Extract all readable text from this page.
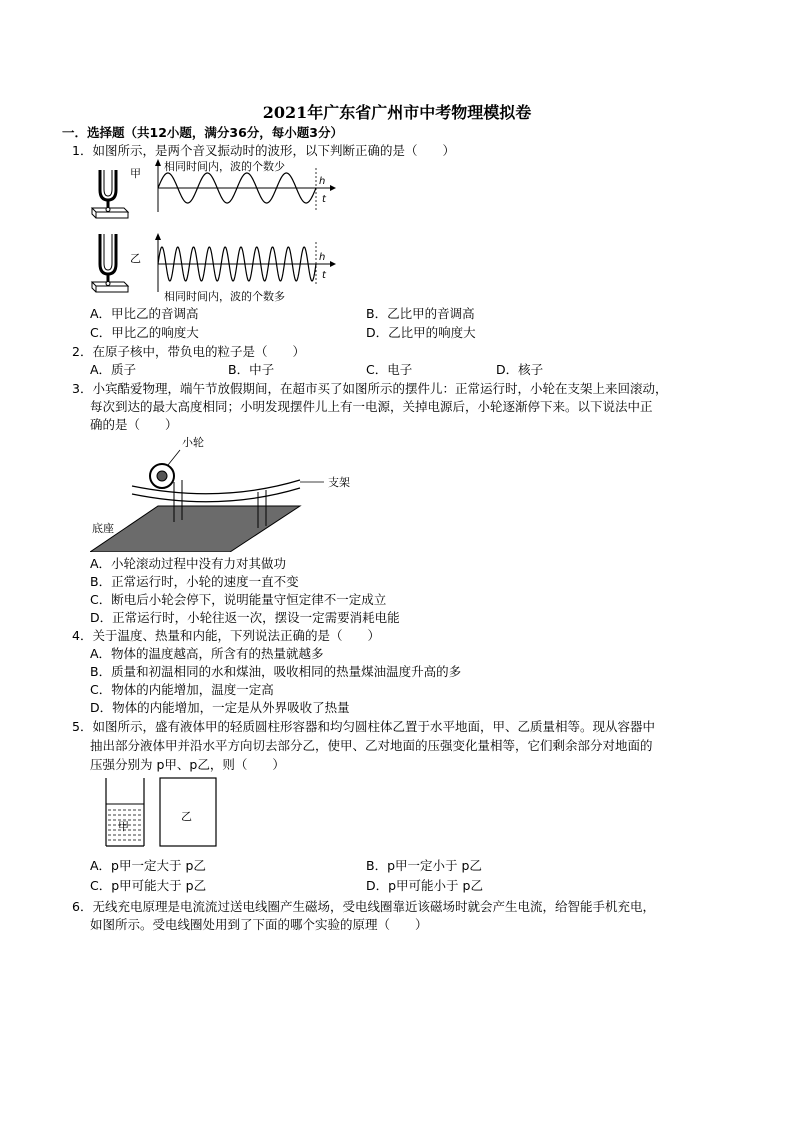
2021年广东省广州市中考物理模拟卷
一．选择题（共12小题，满分36分，每小题3分）
1．如图所示，是两个音叉振动时的波形，以下判断正确的是（　　）
甲
h
t
相同时间内，波的个数少
乙	h
t
相同时间内，波的个数多
A．甲比乙的音调高	B．乙比甲的音调高
C．甲比乙的响度大	D．乙比甲的响度大
2．在原子核中，带负电的粒子是（　　）
A．质子	B．中子	C．电子	D．核子
3．小宾酷爱物理，端午节放假期间，在超市买了如图所示的摆件儿：正常运行时，小轮在支架上来回滚动，
每次到达的最大高度相同；小明发现摆件儿上有一电源，关掉电源后，小轮逐渐停下来。以下说法中正
确的是（　　）
小轮
支架
底座
A．小轮滚动过程中没有力对其做功
B．正常运行时，小轮的速度一直不变
C．断电后小轮会停下，说明能量守恒定律不一定成立
D．正常运行时，小轮往返一次，摆设一定需要消耗电能
4．关于温度、热量和内能，下列说法正确的是（　　）
A．物体的温度越高，所含有的热量就越多
B．质量和初温相同的水和煤油，吸收相同的热量煤油温度升高的多
C．物体的内能增加，温度一定高
D．物体的内能增加，一定是从外界吸收了热量
5．如图所示，盛有液体甲的轻质圆柱形容器和均匀圆柱体乙置于水平地面，甲、乙质量相等。现从容器中
抽出部分液体甲并沿水平方向切去部分乙，使甲、乙对地面的压强变化量相等，它们剩余部分对地面的
压强分别为 p甲、p乙，则（　　）
甲
乙
A．p甲一定大于 p乙	B．p甲一定小于 p乙
C．p甲可能大于 p乙	D．p甲可能小于 p乙
6．无线充电原理是电流流过送电线圈产生磁场，受电线圈靠近该磁场时就会产生电流，给智能手机充电，
如图所示。受电线圈处用到了下面的哪个实验的原理（　　）
